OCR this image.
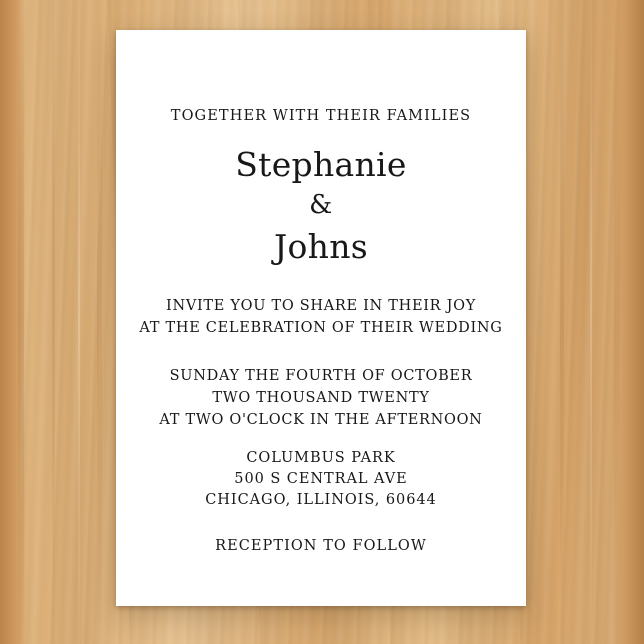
TOGETHER WITH THEIR FAMILIES
Stephanie
&
Johns
INVITE YOU TO SHARE IN THEIR JOY
AT THE CELEBRATION OF THEIR WEDDING
SUNDAY THE FOURTH OF OCTOBER
TWO THOUSAND TWENTY
AT TWO O'CLOCK IN THE AFTERNOON
COLUMBUS PARK
500 S CENTRAL AVE
CHICAGO, ILLINOIS, 60644
RECEPTION TO FOLLOW
